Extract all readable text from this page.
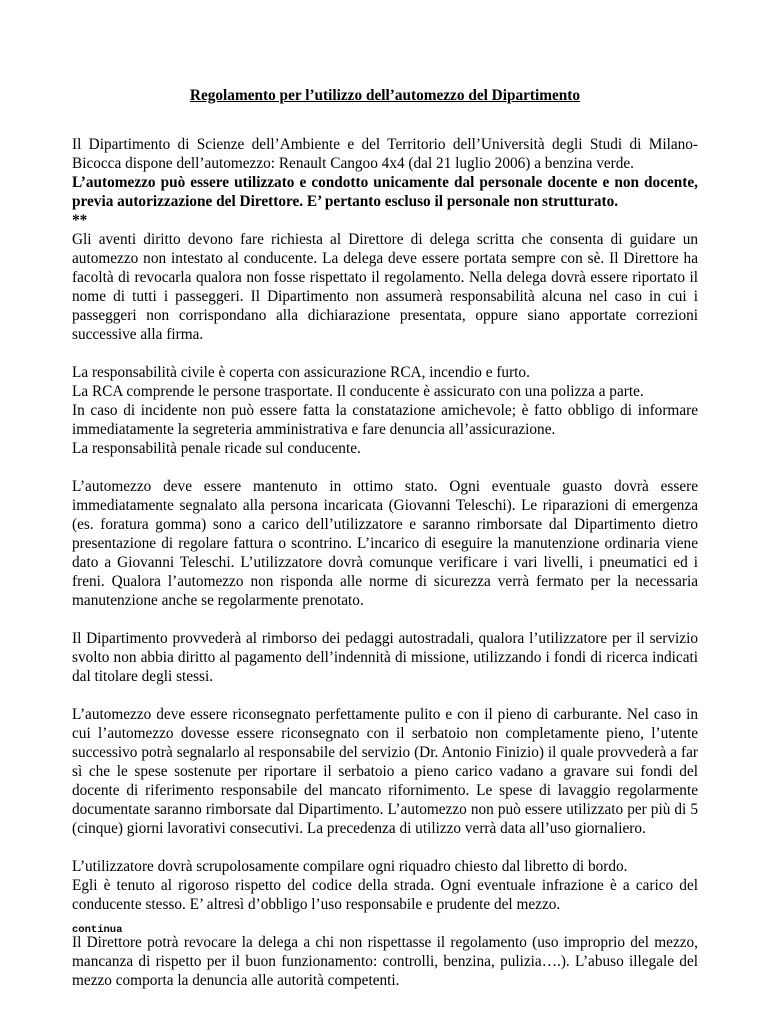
Regolamento per l’utilizzo dell’automezzo del Dipartimento

Il Dipartimento di Scienze dell’Ambiente e del Territorio dell’Università degli Studi di Milano-Bicocca dispone dell’automezzo: Renault Cangoo 4x4 (dal 21 luglio 2006) a benzina verde.
L’automezzo può essere utilizzato e condotto unicamente dal personale docente e non docente, previa autorizzazione del Direttore. E’ pertanto escluso il personale non strutturato.
**
Gli aventi diritto devono fare richiesta al Direttore di delega scritta che consenta di guidare un automezzo non intestato al conducente. La delega deve essere portata sempre con sè. Il Direttore ha facoltà di revocarla qualora non fosse rispettato il regolamento. Nella delega dovrà essere riportato il nome di tutti i passeggeri. Il Dipartimento non assumerà responsabilità alcuna nel caso in cui i passeggeri non corrispondano alla dichiarazione presentata, oppure siano apportate correzioni successive alla firma.

La responsabilità civile è coperta con assicurazione RCA, incendio e furto.
La RCA comprende le persone trasportate. Il conducente è assicurato con una polizza a parte.
In caso di incidente non può essere fatta la constatazione amichevole; è fatto obbligo di informare immediatamente la segreteria amministrativa e fare denuncia all’assicurazione.
La responsabilità penale ricade sul conducente.

L’automezzo deve essere mantenuto in ottimo stato. Ogni eventuale guasto dovrà essere immediatamente segnalato alla persona incaricata (Giovanni Teleschi). Le riparazioni di emergenza (es. foratura gomma) sono a carico dell’utilizzatore e saranno rimborsate dal Dipartimento dietro presentazione di regolare fattura o scontrino. L’incarico di eseguire la manutenzione ordinaria viene dato a Giovanni Teleschi. L’utilizzatore dovrà comunque verificare i vari livelli, i pneumatici ed i freni. Qualora l’automezzo non risponda alle norme di sicurezza verrà fermato per la necessaria manutenzione anche se regolarmente prenotato.

Il Dipartimento provvederà al rimborso dei pedaggi autostradali, qualora l’utilizzatore per il servizio svolto non abbia diritto al pagamento dell’indennità di missione, utilizzando i fondi di ricerca indicati dal titolare degli stessi.

L’automezzo deve essere riconsegnato perfettamente pulito e con il pieno di carburante. Nel caso in cui l’automezzo dovesse essere riconsegnato con il serbatoio non completamente pieno, l’utente successivo potrà segnalarlo al responsabile del servizio (Dr. Antonio Finizio) il quale provvederà a far sì che le spese sostenute per riportare il serbatoio a pieno carico vadano a gravare sui fondi del docente di riferimento responsabile del mancato rifornimento. Le spese di lavaggio regolarmente documentate saranno rimborsate dal Dipartimento. L’automezzo non può essere utilizzato per più di 5 (cinque) giorni lavorativi consecutivi. La precedenza di utilizzo verrà data all’uso giornaliero.

L’utilizzatore dovrà scrupolosamente compilare ogni riquadro chiesto dal libretto di bordo.
Egli è tenuto al rigoroso rispetto del codice della strada. Ogni eventuale infrazione è a carico del conducente stesso. E’ altresì d’obbligo l’uso responsabile e prudente del mezzo.

Il Direttore potrà revocare la delega a chi non rispettasse il regolamento (uso improprio del mezzo, mancanza di rispetto per il buon funzionamento: controlli, benzina, pulizia….). L’abuso illegale del mezzo comporta la denuncia alle autorità competenti.

continua
